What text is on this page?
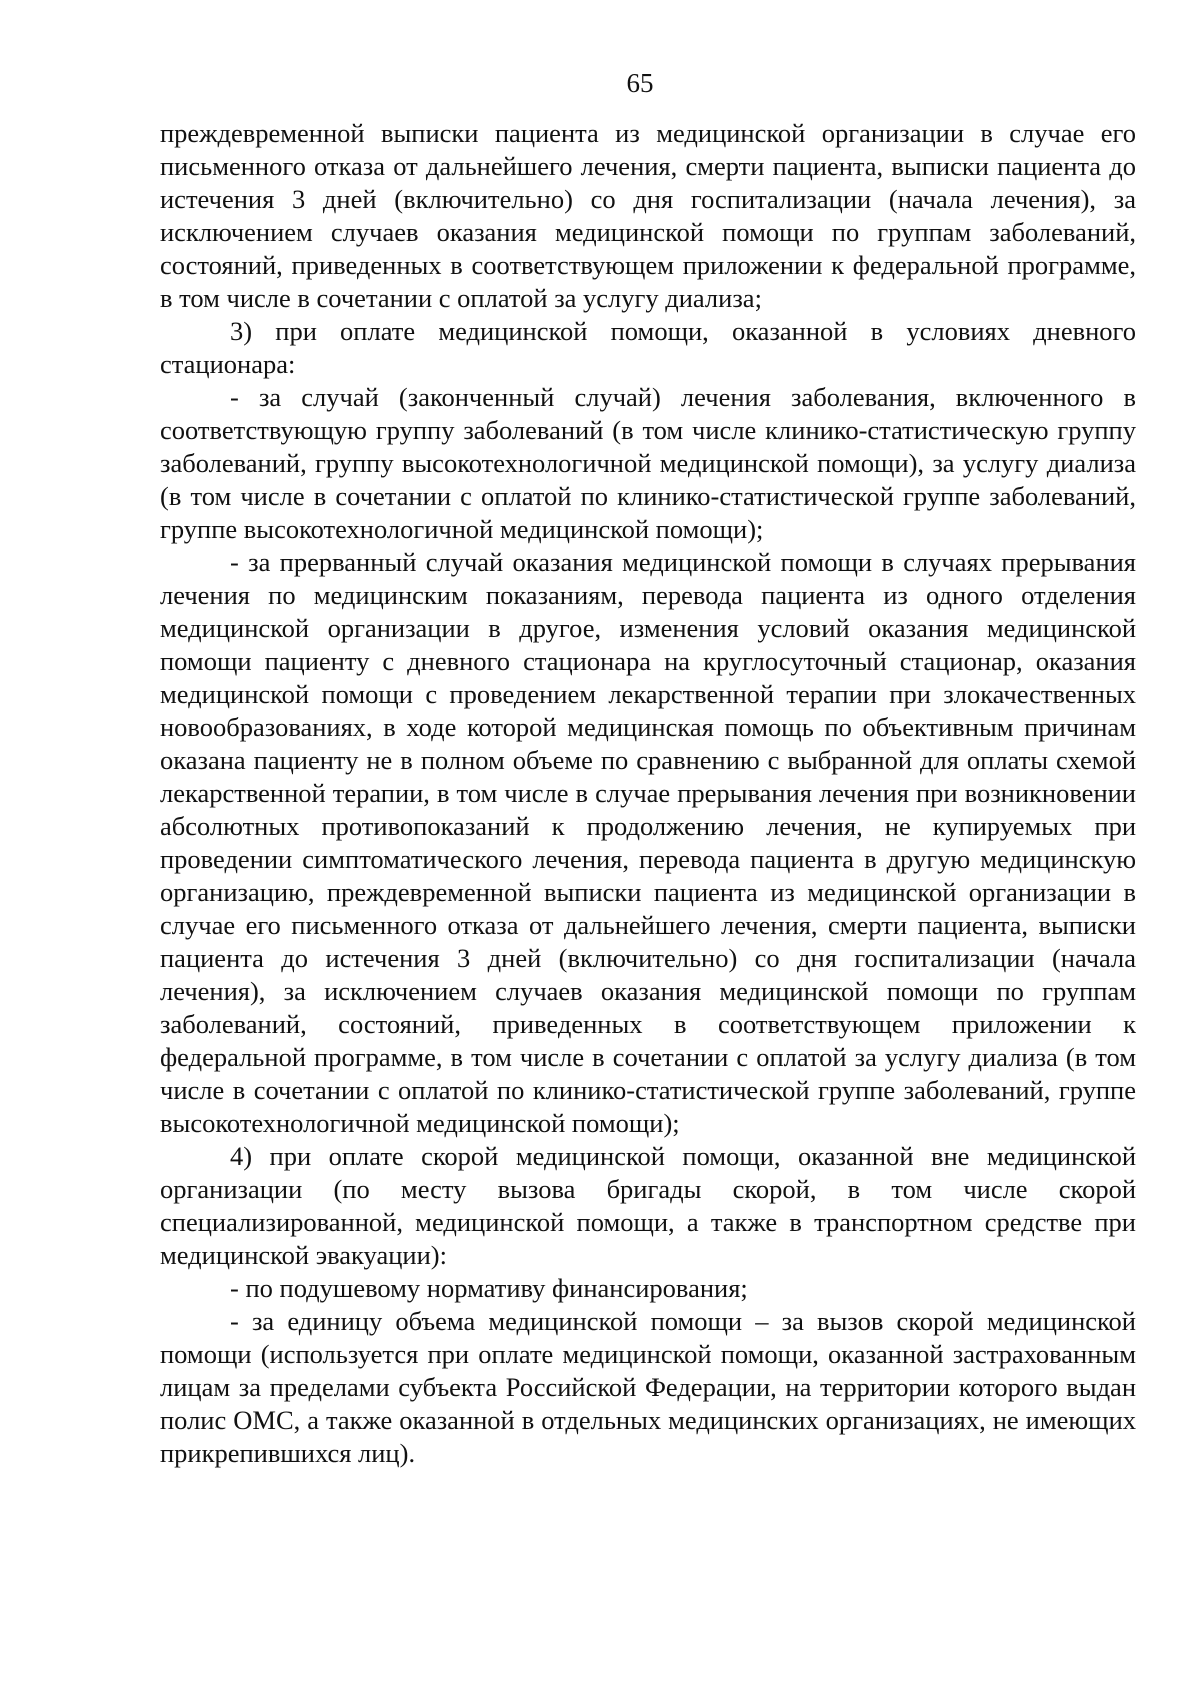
65

преждевременной выписки пациента из медицинской организации в случае его письменного отказа от дальнейшего лечения, смерти пациента, выписки пациента до истечения 3 дней (включительно) со дня госпитализации (начала лечения), за исключением случаев оказания медицинской помощи по группам заболеваний, состояний, приведенных в соответствующем приложении к федеральной программе, в том числе в сочетании с оплатой за услугу диализа;

3) при оплате медицинской помощи, оказанной в условиях дневного стационара:

- за случай (законченный случай) лечения заболевания, включенного в соответствующую группу заболеваний (в том числе клинико-статистическую группу заболеваний, группу высокотехнологичной медицинской помощи), за услугу диализа (в том числе в сочетании с оплатой по клинико-статистической группе заболеваний, группе высокотехнологичной медицинской помощи);

- за прерванный случай оказания медицинской помощи в случаях прерывания лечения по медицинским показаниям, перевода пациента из одного отделения медицинской организации в другое, изменения условий оказания медицинской помощи пациенту с дневного стационара на круглосуточный стационар, оказания медицинской помощи с проведением лекарственной терапии при злокачественных новообразованиях, в ходе которой медицинская помощь по объективным причинам оказана пациенту не в полном объеме по сравнению с выбранной для оплаты схемой лекарственной терапии, в том числе в случае прерывания лечения при возникновении абсолютных противопоказаний к продолжению лечения, не купируемых при проведении симптоматического лечения, перевода пациента в другую медицинскую организацию, преждевременной выписки пациента из медицинской организации в случае его письменного отказа от дальнейшего лечения, смерти пациента, выписки пациента до истечения 3 дней (включительно) со дня госпитализации (начала лечения), за исключением случаев оказания медицинской помощи по группам заболеваний, состояний, приведенных в соответствующем приложении к федеральной программе, в том числе в сочетании с оплатой за услугу диализа (в том числе в сочетании с оплатой по клинико-статистической группе заболеваний, группе высокотехнологичной медицинской помощи);

4) при оплате скорой медицинской помощи, оказанной вне медицинской организации (по месту вызова бригады скорой, в том числе скорой специализированной, медицинской помощи, а также в транспортном средстве при медицинской эвакуации):

- по подушевому нормативу финансирования;

- за единицу объема медицинской помощи – за вызов скорой медицинской помощи (используется при оплате медицинской помощи, оказанной застрахованным лицам за пределами субъекта Российской Федерации, на территории которого выдан полис ОМС, а также оказанной в отдельных медицинских организациях, не имеющих прикрепившихся лиц).
